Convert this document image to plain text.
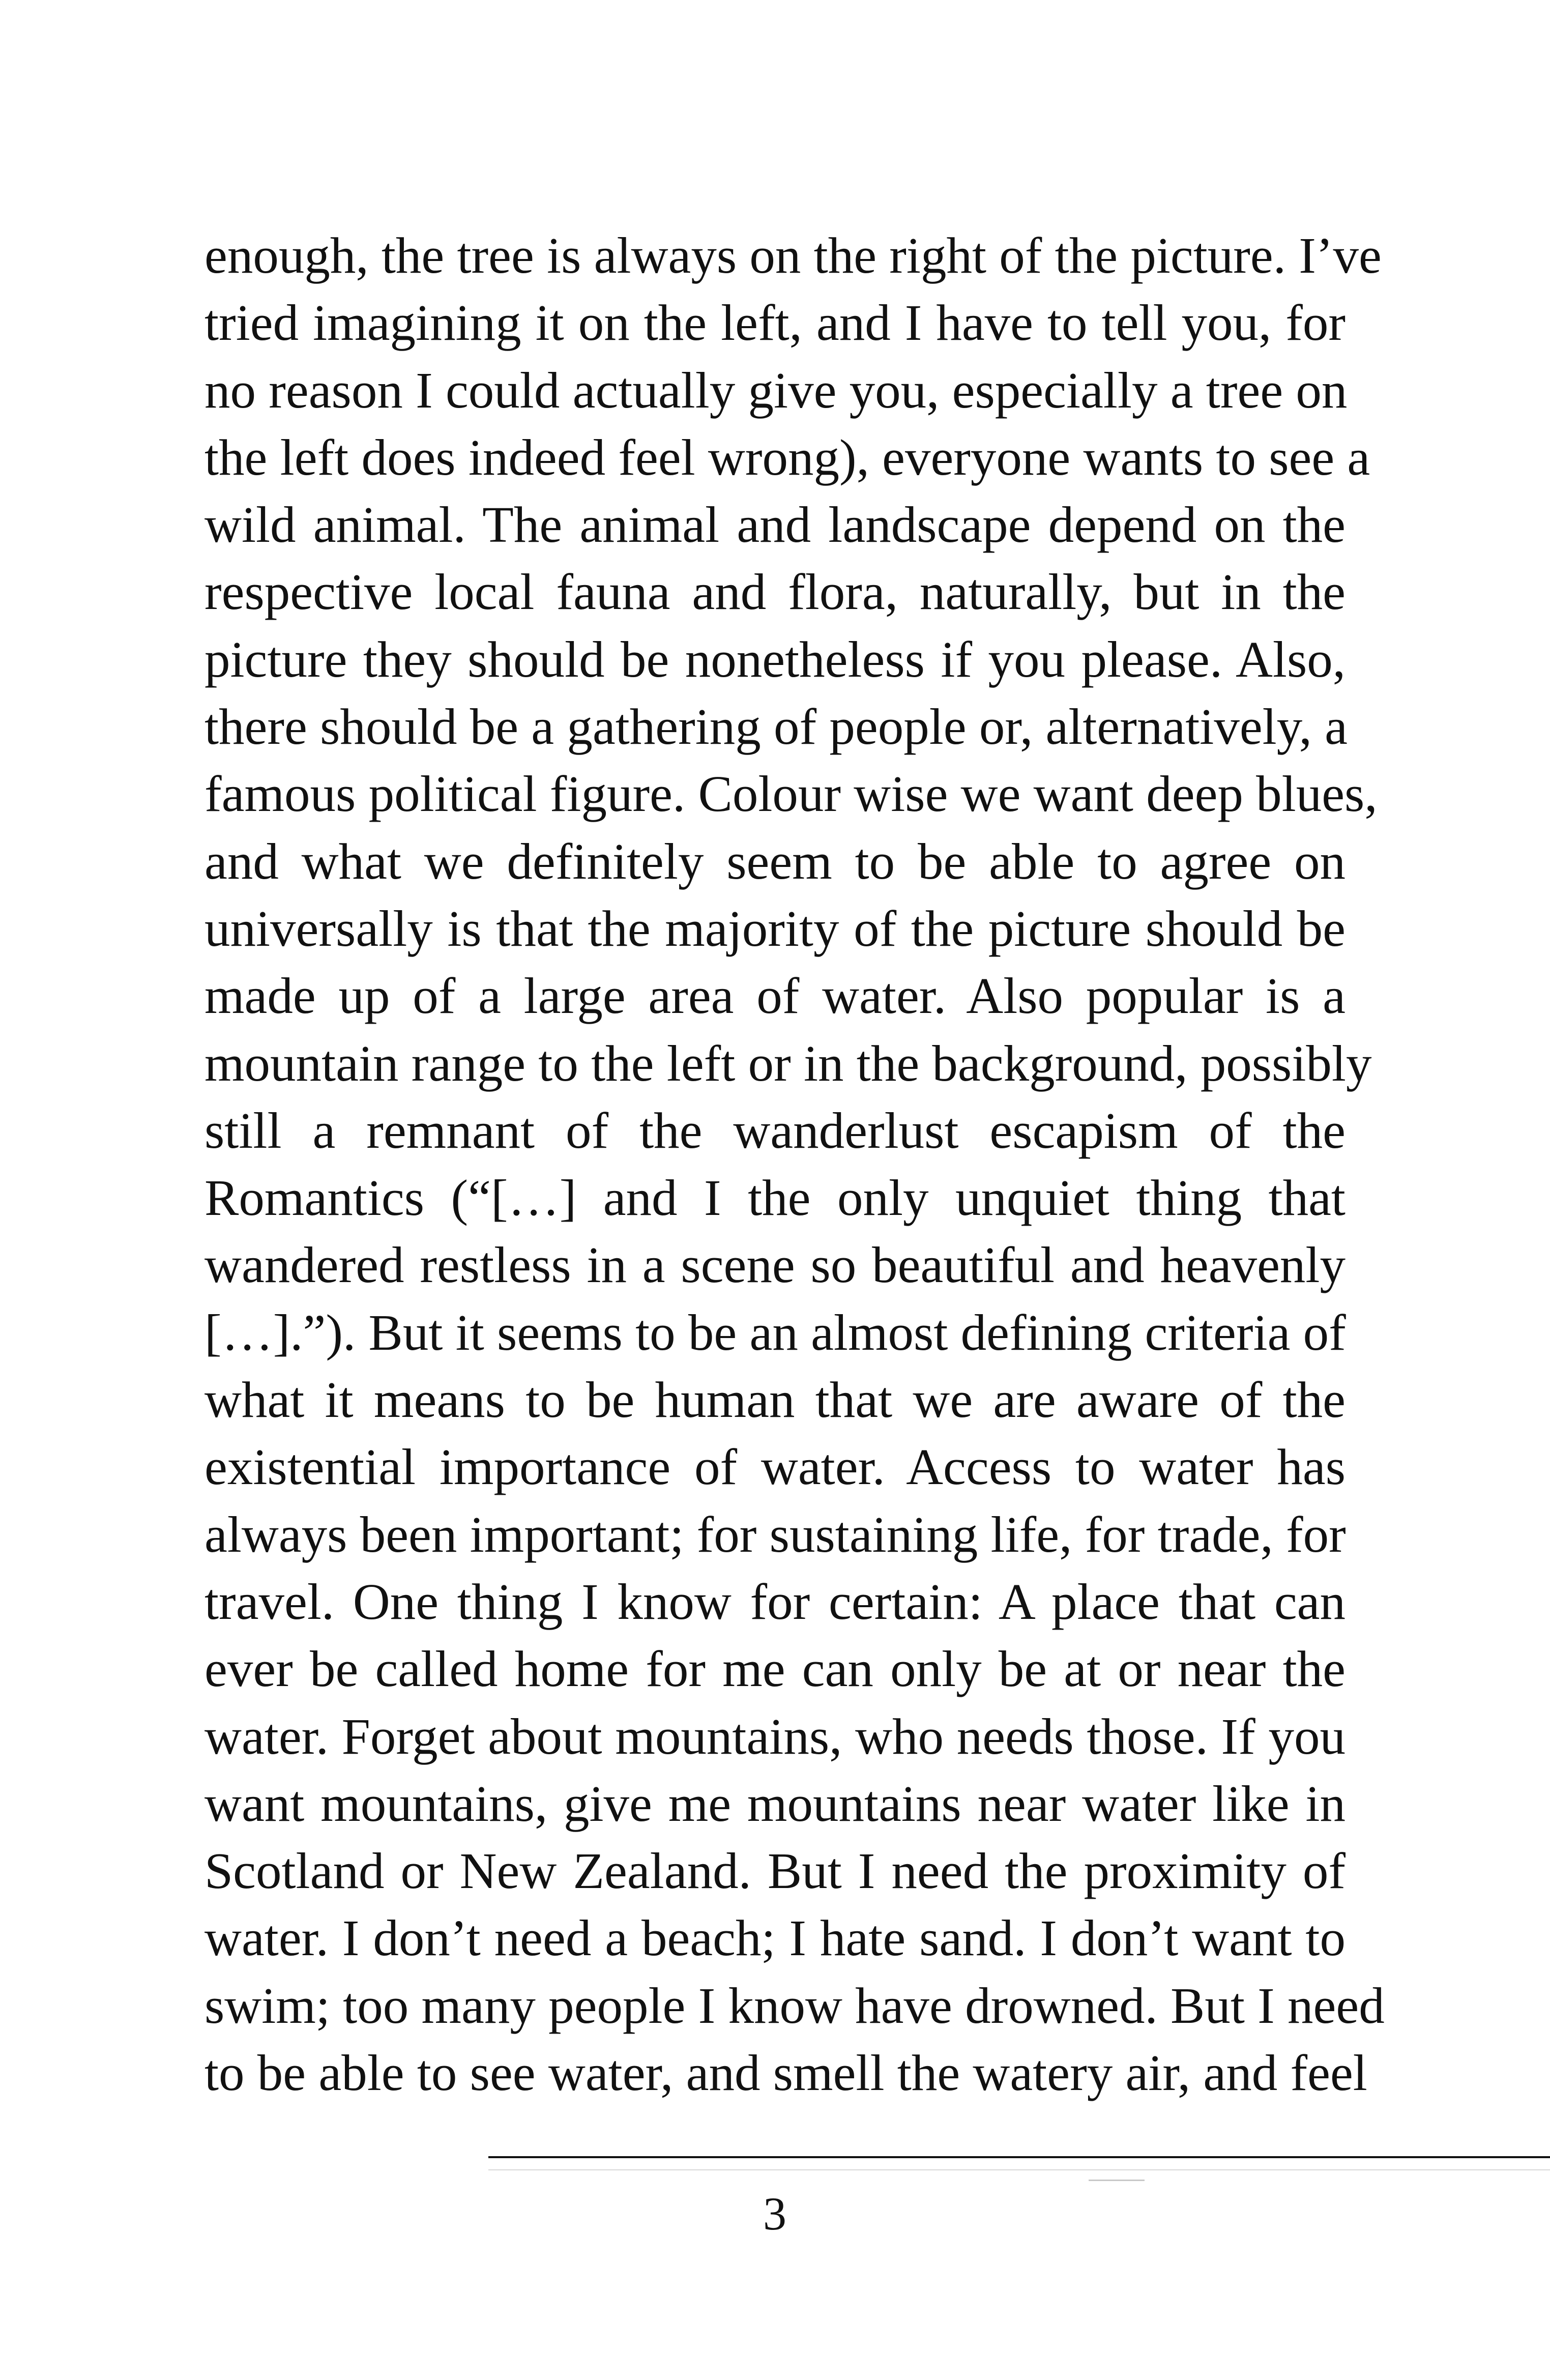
enough, the tree is always on the right of the picture. I’ve
tried imagining it on the left, and I have to tell you, for
no reason I could actually give you, especially a tree on
the left does indeed feel wrong), everyone wants to see a
wild animal. The animal and landscape depend on the
respective local fauna and flora, naturally, but in the
picture they should be nonetheless if you please. Also,
there should be a gathering of people or, alternatively, a
famous political figure. Colour wise we want deep blues,
and what we definitely seem to be able to agree on
universally is that the majority of the picture should be
made up of a large area of water. Also popular is a
mountain range to the left or in the background, possibly
still a remnant of the wanderlust escapism of the
Romantics (“[…] and I the only unquiet thing that
wandered restless in a scene so beautiful and heavenly
[…].”). But it seems to be an almost defining criteria of
what it means to be human that we are aware of the
existential importance of water. Access to water has
always been important; for sustaining life, for trade, for
travel. One thing I know for certain: A place that can
ever be called home for me can only be at or near the
water. Forget about mountains, who needs those. If you
want mountains, give me mountains near water like in
Scotland or New Zealand. But I need the proximity of
water. I don’t need a beach; I hate sand. I don’t want to
swim; too many people I know have drowned. But I need
to be able to see water, and smell the watery air, and feel
3
